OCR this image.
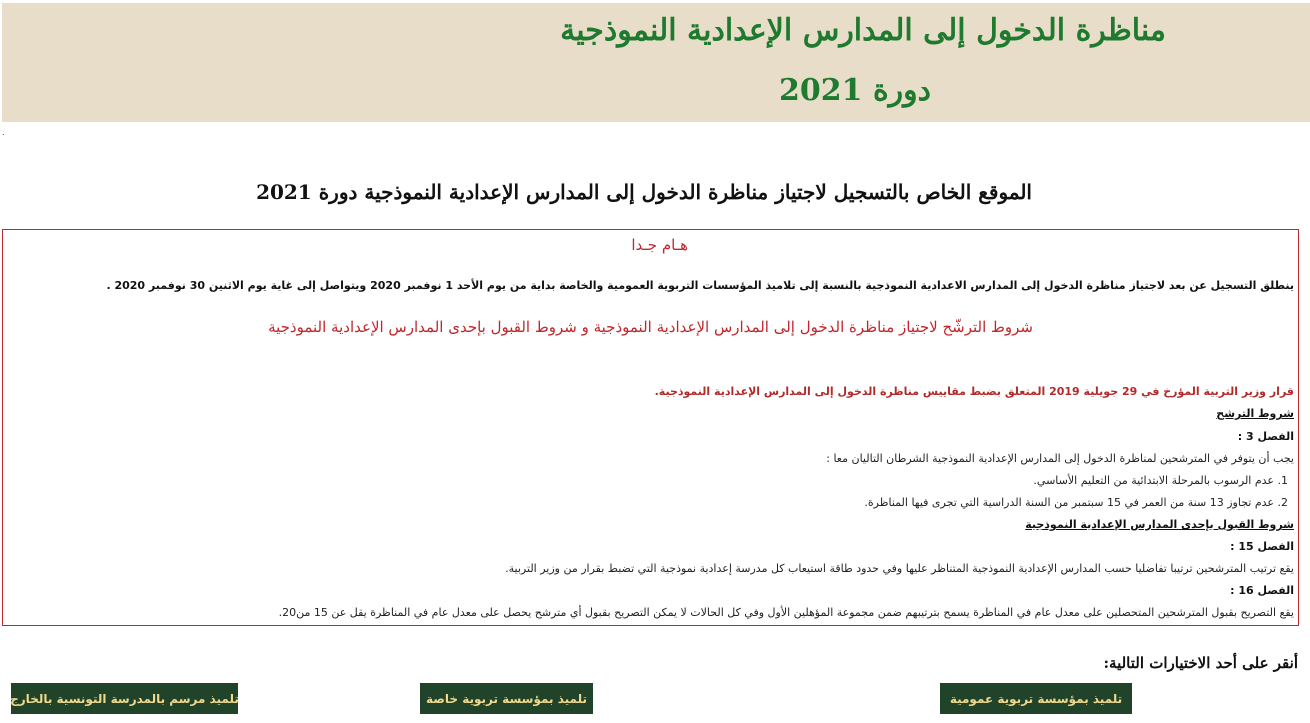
مناظرة الدخول إلى المدارس الإعدادية النموذجية
دورة 2021
.
الموقع الخاص بالتسجيل لاجتياز مناظرة الدخول إلى المدارس الإعدادية النموذجية دورة 2021
هـام جـدا
ينطلق التسجيل عن بعد لاجتياز مناظرة الدخول إلى المدارس الاعدادية النموذجية بالنسبة إلى تلاميذ المؤسسات التربوية العمومية والخاصة بداية من يوم الأحد 1 نوفمبر 2020 ويتواصل إلى غاية يوم الاثنين 30 نوفمبر 2020 .
شروط الترشّح لاجتياز مناظرة الدخول إلى المدارس الإعدادية النموذجية و شروط القبول بإحدى المدارس الإعدادية النموذجية
قرار وزير التربية المؤرخ في 29 جويلية 2019 المتعلق بضبط مقاييس مناظرة الدخول إلى المدارس الإعدادية النموذجية.
شروط الترشح
الفصل 3 :
يجب أن يتوفر في المترشحين لمناظرة الدخول إلى المدارس الإعدادية النموذجية الشرطان التاليان معا :
1. عدم الرسوب بالمرحلة الابتدائية من التعليم الأساسي.
2. عدم تجاوز 13 سنة من العمر في 15 سبتمبر من السنة الدراسية التي تجرى فيها المناظرة.
شروط القبول بإحدى المدارس الإعدادية النموذجية
الفصل 15 :
يقع ترتيب المترشحين ترتيبا تفاضليا حسب المدارس الإعدادية النموذجية المتناظر عليها وفي حدود طاقة استيعاب كل مدرسة إعدادية نموذجية التي تضبط بقرار من وزير التربية.
الفصل 16 :
يقع التصريح بقبول المترشحين المتحصلين على معدل عام في المناظرة يسمح بترتيبهم ضمن مجموعة المؤهلين الأول وفي كل الحالات لا يمكن التصريح بقبول أي مترشح يحصل على معدل عام في المناظرة يقل عن 15 من20.
أنقر على أحد الاختيارات التالية:
تلميذ بمؤسسة تربوية عمومية
تلميذ بمؤسسة تربوية خاصة
تلميذ مرسم بالمدرسة التونسية بالخارج
